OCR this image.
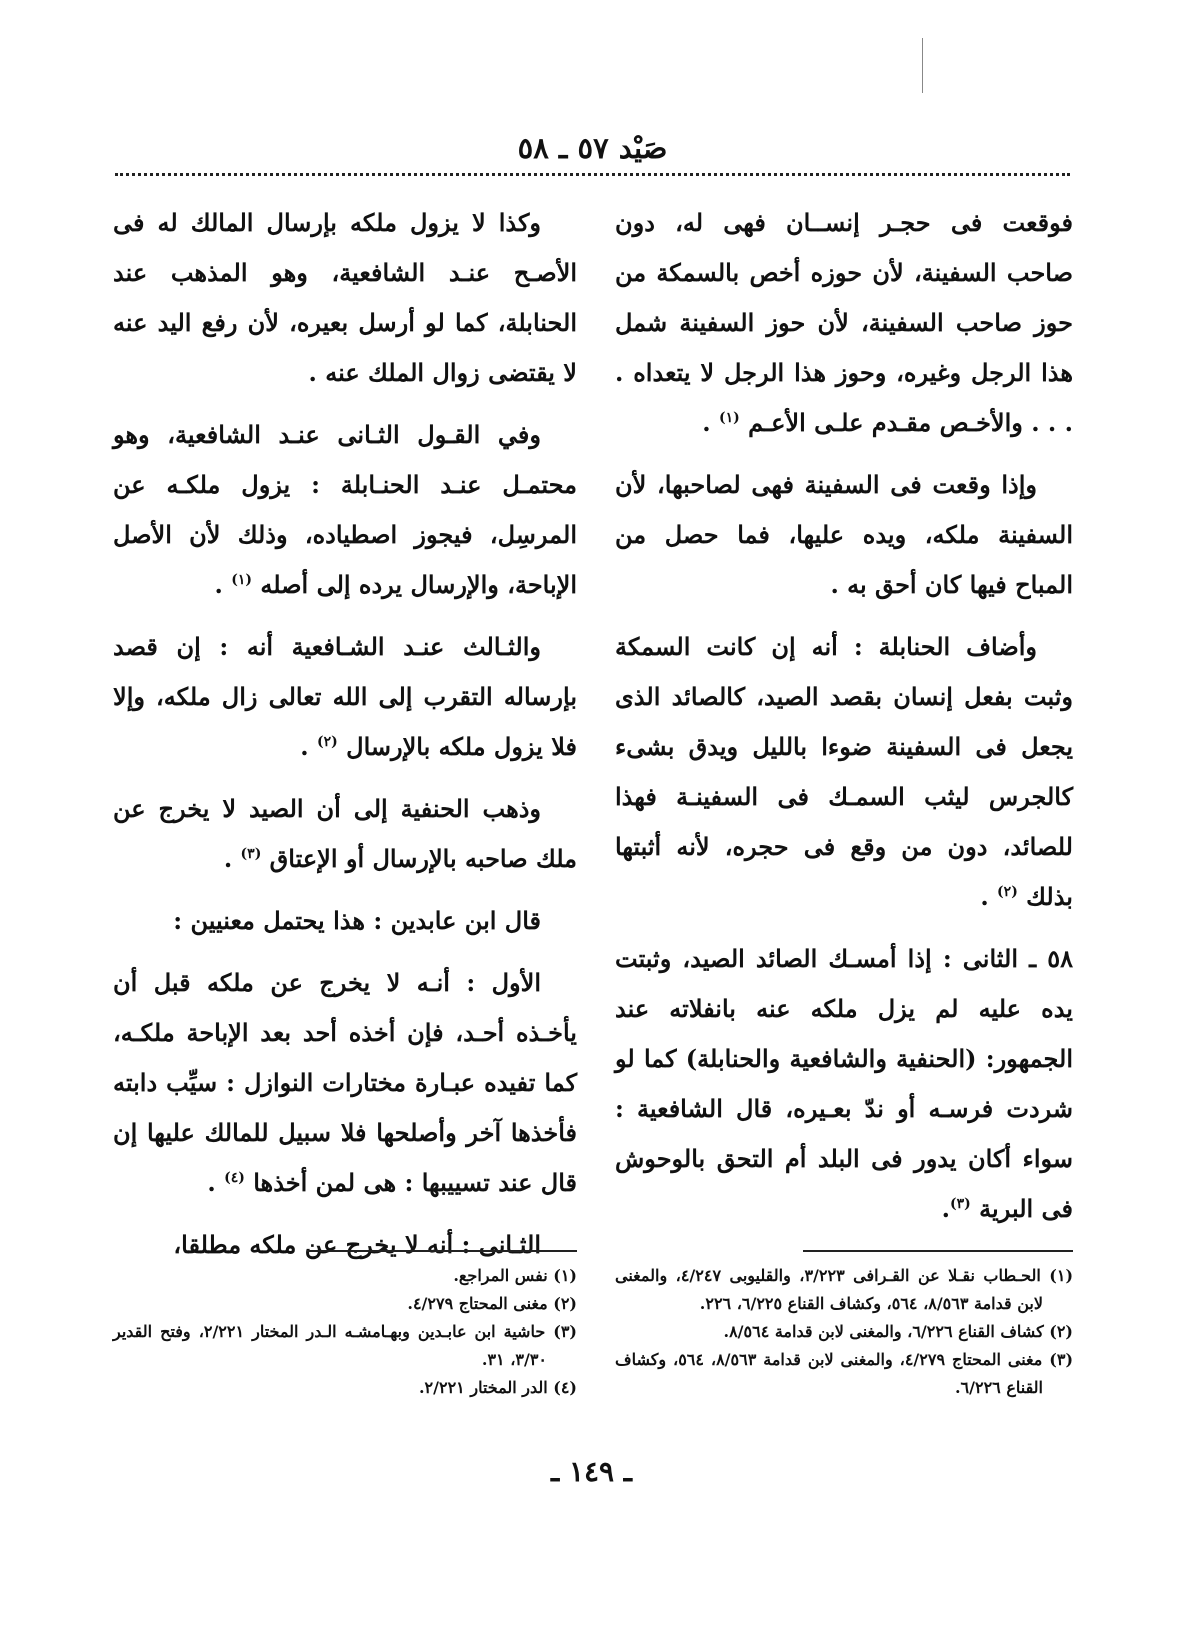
صَيْد ٥٧ ـ ٥٨

فوقعت فى حجـر إنســان فهى له، دون صاحب السفينة، لأن حوزه أخص بالسمكة من حوز صاحب السفينة، لأن حوز السفينة شمل هذا الرجل وغيره، وحوز هذا الرجل لا يتعداه . . . . والأخـص مقـدم علـى الأعـم $^{(١)}$ .

وإذا وقعت فى السفينة فهى لصاحبها، لأن السفينة ملكه، ويده عليها، فما حصل من المباح فيها كان أحق به .

وأضاف الحنابلة : أنه إن كانت السمكة وثبت بفعل إنسان بقصد الصيد، كالصائد الذى يجعل فى السفينة ضوءا بالليل ويدق بشىء كالجرس ليثب السمـك فى السفينـة فهذا للصائد، دون من وقع فى حجره، لأنه أثبتها بذلك $^{(٢)}$ .

٥٨ ـ الثانى : إذا أمسـك الصائد الصيد، وثبتت يده عليه لم يزل ملكه عنه بانفلاته عند الجمهور: (الحنفية والشافعية والحنابلة) كما لو شردت فرسـه أو ندّ بعـيره، قال الشافعية : سواء أكان يدور فى البلد أم التحق بالوحوش فى البرية $^{(٣)}$.

وكذا لا يزول ملكه بإرسال المالك له فى الأصـح عنـد الشافعية، وهو المذهب عند الحنابلة، كما لو أرسل بعيره، لأن رفع اليد عنه لا يقتضى زوال الملك عنه .

وفي القـول الثـانى عنـد الشافعية، وهو محتمـل عنـد الحنـابلة : يزول ملكـه عن المرسِل، فيجوز اصطياده، وذلك لأن الأصل الإباحة، والإرسال يرده إلى أصله $^{(١)}$ .

والثـالث عنـد الشـافعية أنه : إن قصد بإرساله التقرب إلى الله تعالى زال ملكه، وإلا فلا يزول ملكه بالإرسال $^{(٢)}$ .

وذهب الحنفية إلى أن الصيد لا يخرج عن ملك صاحبه بالإرسال أو الإعتاق $^{(٣)}$ .

قال ابن عابدين : هذا يحتمل معنيين :

الأول : أنـه لا يخرج عن ملكه قبل أن يأخـذه أحـد، فإن أخذه أحد بعد الإباحة ملكـه، كما تفيده عبـارة مختارات النوازل : سيِّب دابته فأخذها آخر وأصلحها فلا سبيل للمالك عليها إن قال عند تسييبها : هى لمن أخذها $^{(٤)}$ .

الثـانى : أنه لا يخرج عن ملكه مطلقا،

(١) الحـطاب نقـلا عن القـرافى ٣/٢٢٣، والقليوبى ٤/٢٤٧، والمغنى لابن قدامة ٨/٥٦٣، ٥٦٤، وكشاف القناع ٦/٢٢٥، ٢٢٦.

(٢) كشاف القناع ٦/٢٢٦، والمغنى لابن قدامة ٨/٥٦٤.

(٣) مغنى المحتاج ٤/٢٧٩، والمغنى لابن قدامة ٨/٥٦٣، ٥٦٤، وكشاف القناع ٦/٢٢٦.

(١) نفس المراجع.

(٢) مغنى المحتاج ٤/٢٧٩.

(٣) حاشية ابن عابـدين وبهـامشـه الـدر المختار ٢/٢٢١، وفتح القدير ٣/٣٠، ٣١.

(٤) الدر المختار ٢/٢٢١.

ـ ١٤٩ ـ
